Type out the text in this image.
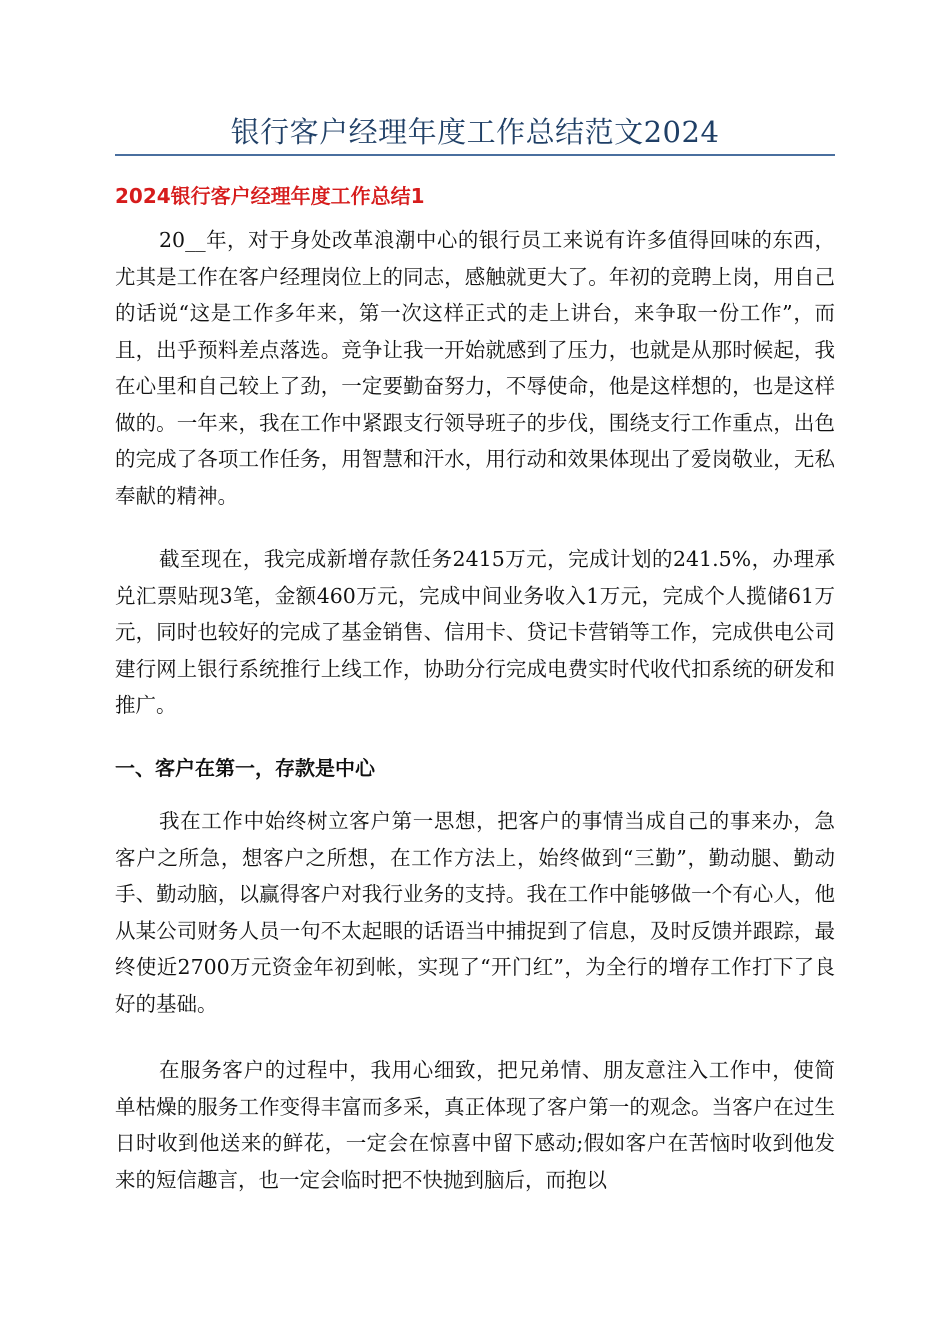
银行客户经理年度工作总结范文2024
2024银行客户经理年度工作总结1

20__年，对于身处改革浪潮中心的银行员工来说有许多值得回味的东西，尤其是工作在客户经理岗位上的同志，感触就更大了。年初的竞聘上岗，用自己的话说“这是工作多年来，第一次这样正式的走上讲台，来争取一份工作”，而且，出乎预料差点落选。竞争让我一开始就感到了压力，也就是从那时候起，我在心里和自己较上了劲，一定要勤奋努力，不辱使命，他是这样想的，也是这样做的。一年来，我在工作中紧跟支行领导班子的步伐，围绕支行工作重点，出色的完成了各项工作任务，用智慧和汗水，用行动和效果体现出了爱岗敬业，无私奉献的精神。

截至现在，我完成新增存款任务2415万元，完成计划的241.5%，办理承兑汇票贴现3笔，金额460万元，完成中间业务收入1万元，完成个人揽储61万元，同时也较好的完成了基金销售、信用卡、贷记卡营销等工作，完成供电公司建行网上银行系统推行上线工作，协助分行完成电费实时代收代扣系统的研发和推广。

一、客户在第一，存款是中心

我在工作中始终树立客户第一思想，把客户的事情当成自己的事来办，急客户之所急，想客户之所想，在工作方法上，始终做到“三勤”，勤动腿、勤动手、勤动脑，以赢得客户对我行业务的支持。我在工作中能够做一个有心人，他从某公司财务人员一句不太起眼的话语当中捕捉到了信息，及时反馈并跟踪，最终使近2700万元资金年初到帐，实现了“开门红”，为全行的增存工作打下了良好的基础。

在服务客户的过程中，我用心细致，把兄弟情、朋友意注入工作中，使简单枯燥的服务工作变得丰富而多采，真正体现了客户第一的观念。当客户在过生日时收到他送来的鲜花，一定会在惊喜中留下感动;假如客户在苦恼时收到他发来的短信趣言，也一定会临时把不快抛到脑后，而抱以
